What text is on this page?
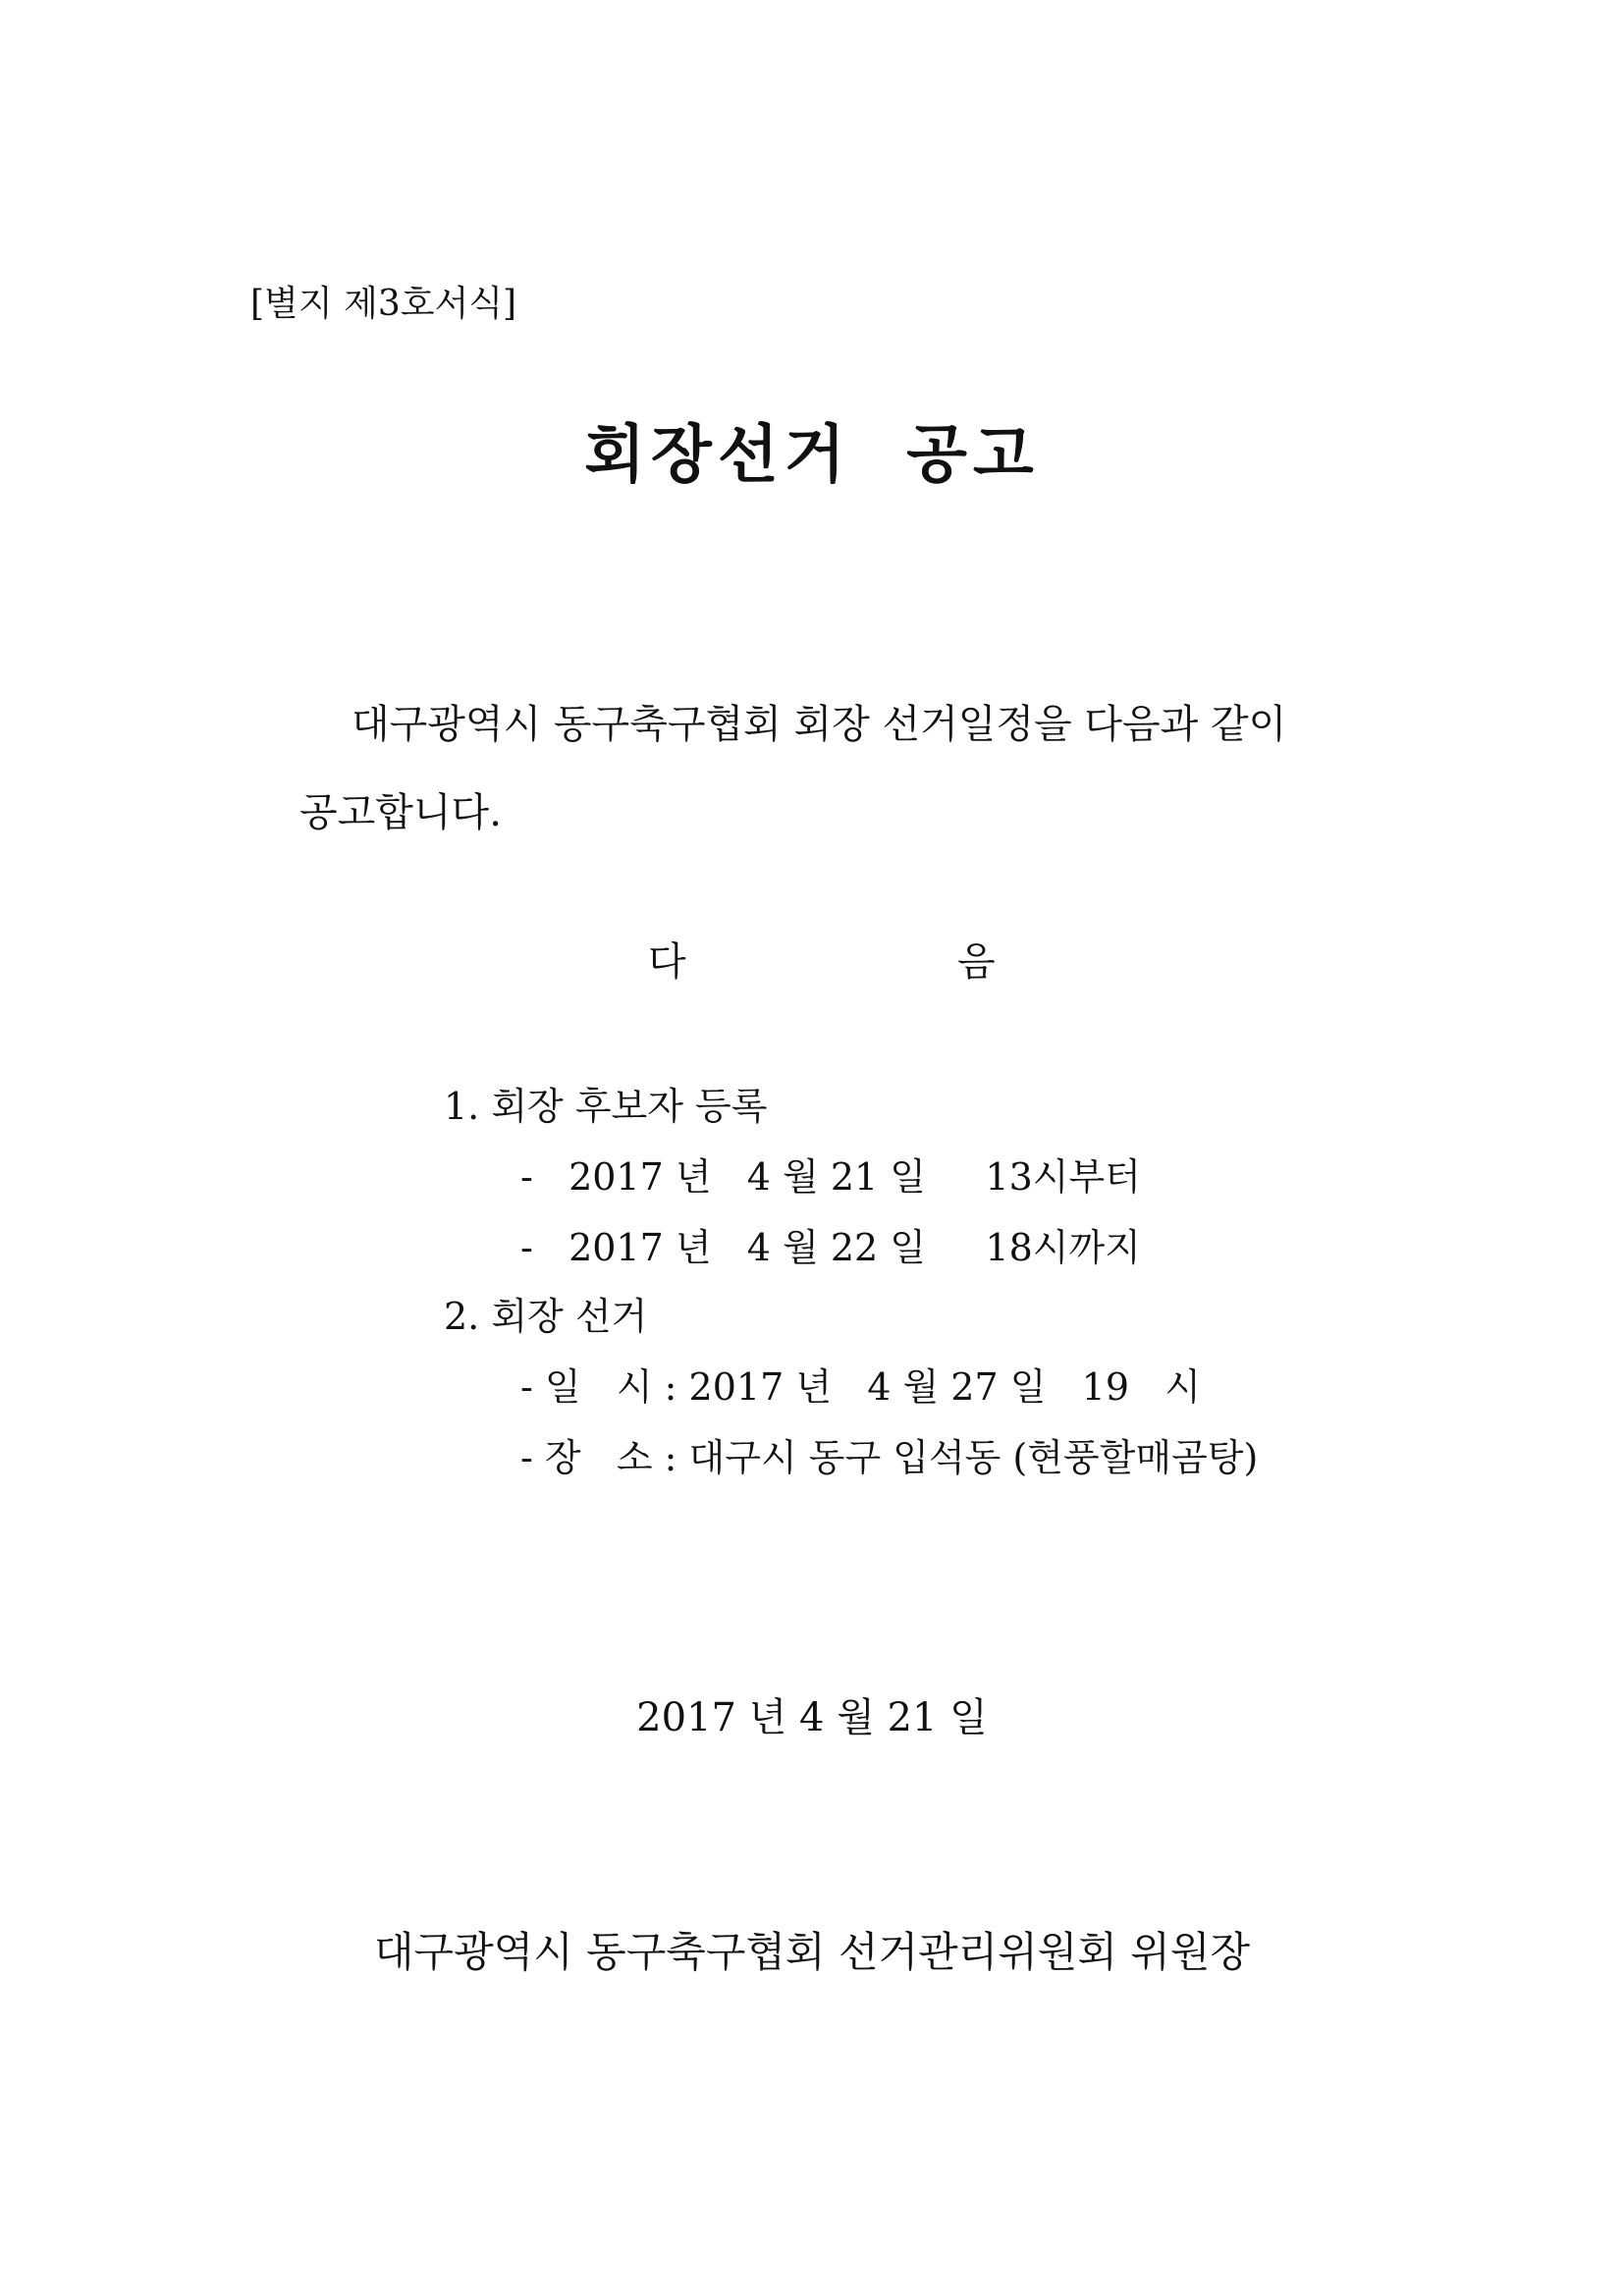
[별지 제3호서식]
회장선거  공고
대구광역시 동구축구협회 회장 선거일정을 다음과 같이
공고합니다.
다	음
1. 회장 후보자 등록
-   2017 년   4 월 21 일     13시부터
-   2017 년   4 월 22 일     18시까지
2. 회장 선거
- 일   시 : 2017 년   4 월 27 일   19   시
- 장   소 : 대구시 동구 입석동 (현풍할매곰탕)
2017 년 4 월 21 일
대구광역시 동구축구협회 선거관리위원회 위원장
